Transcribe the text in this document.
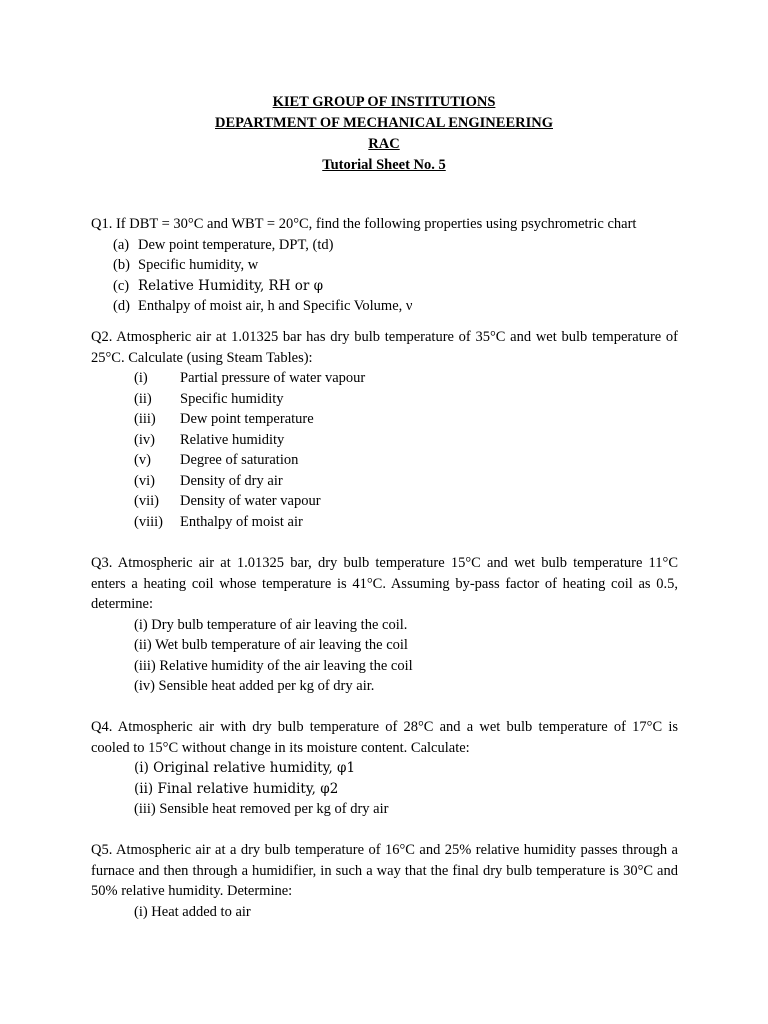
KIET GROUP OF INSTITUTIONS
DEPARTMENT OF MECHANICAL ENGINEERING
RAC
Tutorial Sheet No. 5
Q1. If DBT = 30°C and WBT = 20°C, find the following properties using psychrometric chart
(a) Dew point temperature, DPT, (td)
(b) Specific humidity, w
(c) Relative Humidity, RH or φ
(d) Enthalpy of moist air, h and Specific Volume, ν
Q2. Atmospheric air at 1.01325 bar has dry bulb temperature of 35°C and wet bulb temperature of 25°C. Calculate (using Steam Tables):
(i)	Partial pressure of water vapour
(ii)	Specific humidity
(iii)	Dew point temperature
(iv)	Relative humidity
(v)	Degree of saturation
(vi)	Density of dry air
(vii)	Density of water vapour
(viii)	Enthalpy of moist air
Q3. Atmospheric air at 1.01325 bar, dry bulb temperature 15°C and wet bulb temperature 11°C enters a heating coil whose temperature is 41°C. Assuming by-pass factor of heating coil as 0.5, determine:
(i) Dry bulb temperature of air leaving the coil.
(ii) Wet bulb temperature of air leaving the coil
(iii) Relative humidity of the air leaving the coil
(iv) Sensible heat added per kg of dry air.
Q4. Atmospheric air with dry bulb temperature of 28°C and a wet bulb temperature of 17°C is cooled to 15°C without change in its moisture content. Calculate:
(i) Original relative humidity, φ1
(ii) Final relative humidity, φ2
(iii) Sensible heat removed per kg of dry air
Q5. Atmospheric air at a dry bulb temperature of 16°C and 25% relative humidity passes through a furnace and then through a humidifier, in such a way that the final dry bulb temperature is 30°C and 50% relative humidity. Determine:
(i) Heat added to air
